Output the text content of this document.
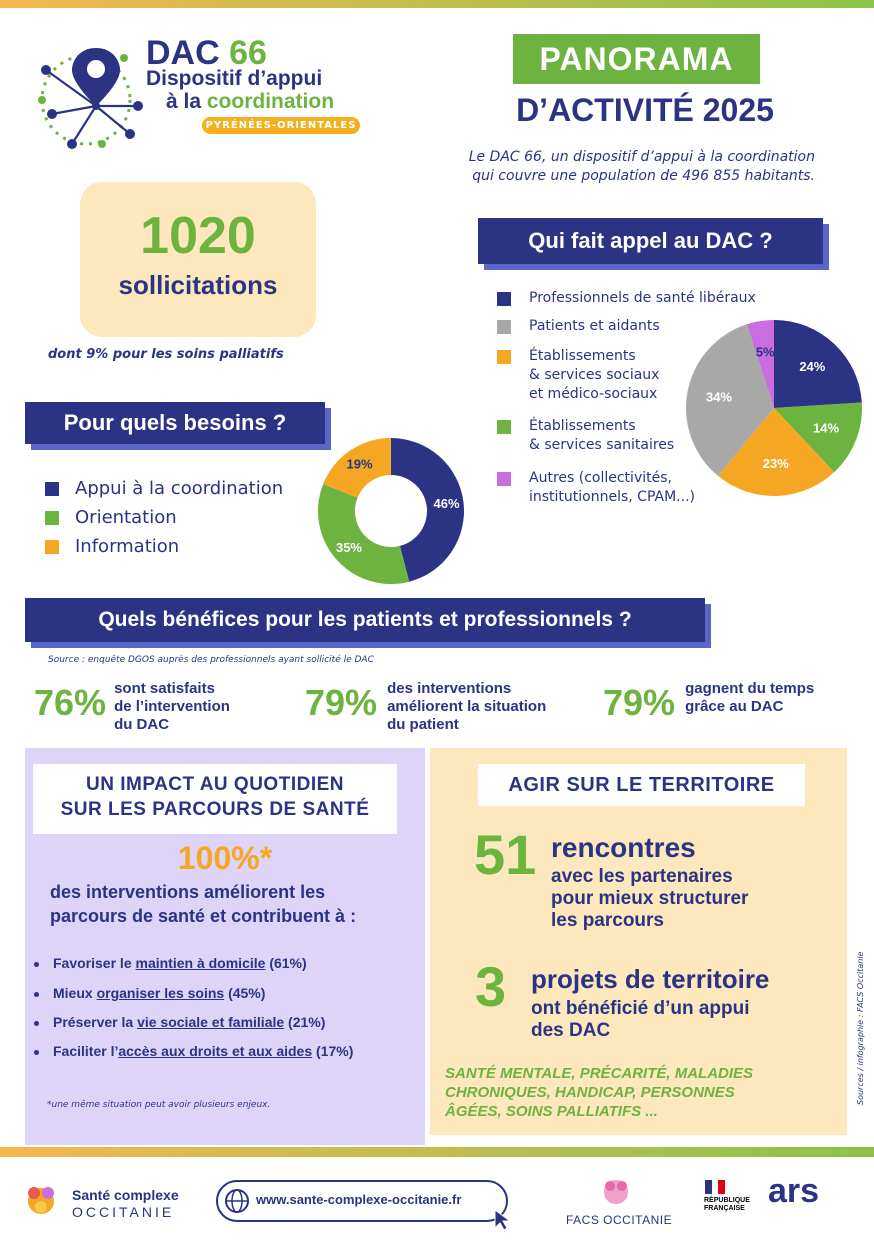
DAC 66
Dispositif d’appui
à la coordination
PYRÉNÉES-ORIENTALES
PANORAMA
D’ACTIVITÉ 2025
Le DAC 66, un dispositif d’appui à la coordination
qui couvre une population de 496 855 habitants.
1020
sollicitations
dont 9% pour les soins palliatifs
Pour quels besoins ?
Appui à la coordination
Orientation
Information
46%
35%
19%
Qui fait appel au DAC ?
Professionnels de santé libéraux
Patients et aidants
Établissements
& services sociaux
et médico-sociaux
Établissements
& services sanitaires
Autres (collectivités,
institutionnels, CPAM...)
24%
14%
23%
34%
5%
Quels bénéfices pour les patients et professionnels ?
Source : enquête DGOS auprès des professionnels ayant sollicité le DAC
76% sont satisfaits
de l’intervention
du DAC
79% des interventions
améliorent la situation
du patient
79% gagnent du temps
grâce au DAC
UN IMPACT AU QUOTIDIEN
SUR LES PARCOURS DE SANTÉ
100%*
des interventions améliorent les
parcours de santé et contribuent à :
Favoriser le maintien à domicile (61%)
Mieux organiser les soins (45%)
Préserver la vie sociale et familiale (21%)
Faciliter l’accès aux droits et aux aides (17%)
*une même situation peut avoir plusieurs enjeux.
AGIR SUR LE TERRITOIRE
51 rencontres
avec les partenaires
pour mieux structurer
les parcours
3 projets de territoire
ont bénéficié d’un appui
des DAC
SANTÉ MENTALE, PRÉCARITÉ, MALADIES
CHRONIQUES, HANDICAP, PERSONNES
ÂGÉES, SOINS PALLIATIFS ...
Sources / infographie : FACS Occitanie
Santé complexe
OCCITANIE
www.sante-complexe-occitanie.fr
FACS OCCITANIE
RÉPUBLIQUE
FRANÇAISE ars
